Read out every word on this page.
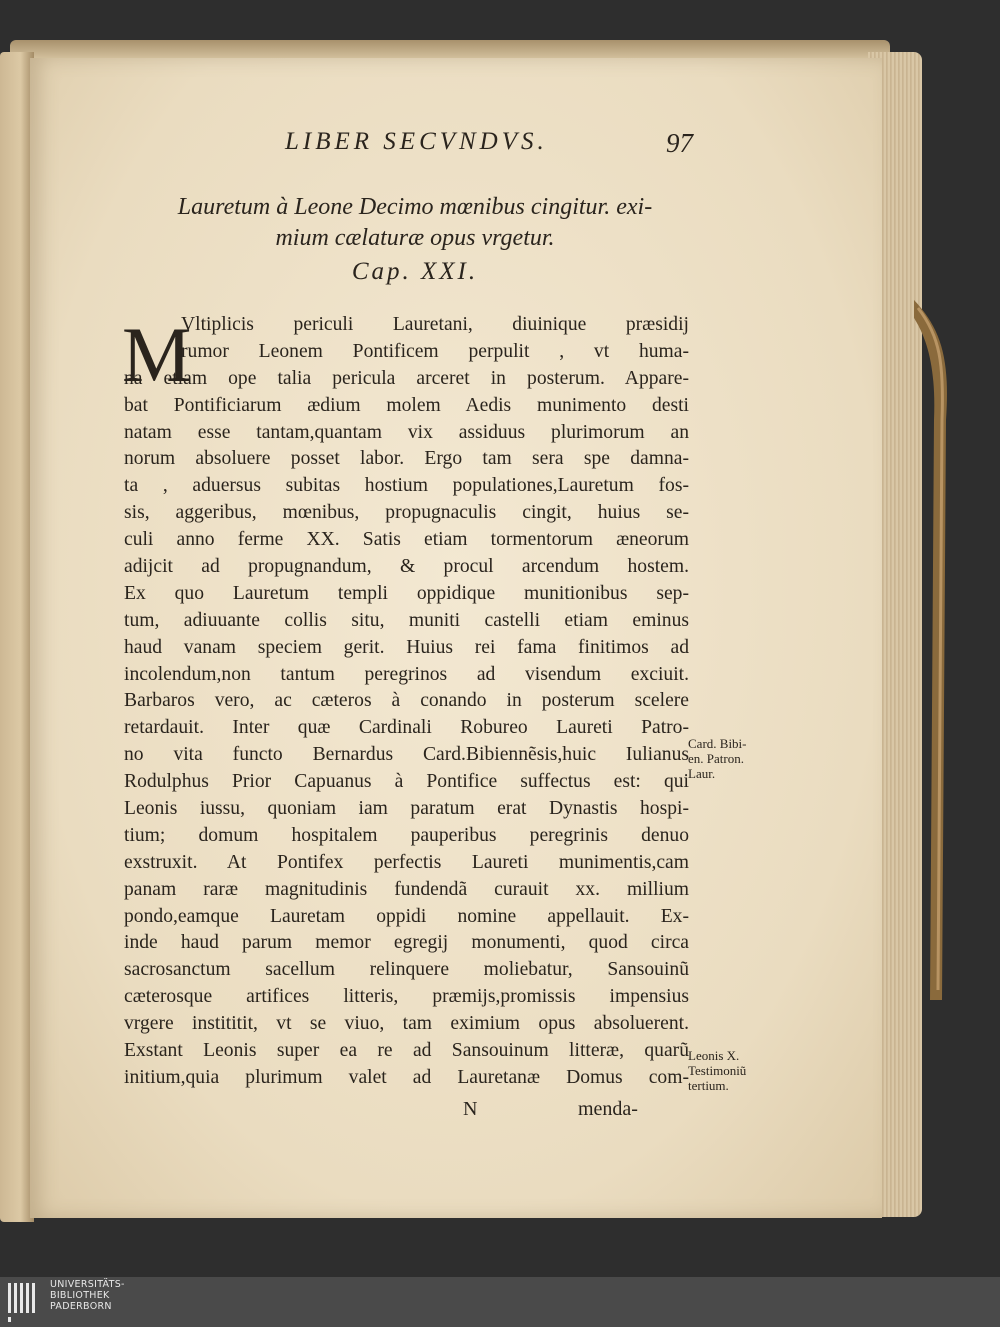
LIBER SECVNDVS.	97
Lauretum à Leone Decimo mœnibus cingitur. exi-
mium cælaturæ opus vrgetur.
Cap. XXI.
M
Vltiplicis periculi Lauretani, diuinique præsidij
rumor Leonem Pontificem perpulit , vt huma-
na etiam ope talia pericula arceret in posterum. Appare-
bat Pontificiarum ædium molem Aedis munimento desti
natam esse tantam,quantam vix assiduus plurimorum an
norum absoluere posset labor. Ergo tam sera spe damna-
ta , aduersus subitas hostium populationes,Lauretum fos-
sis, aggeribus, mœnibus, propugnaculis cingit, huius se-
culi anno ferme XX. Satis etiam tormentorum æneorum
adijcit ad propugnandum, & procul arcendum hostem.
Ex quo Lauretum templi oppidique munitionibus sep-
tum, adiuuante collis situ, muniti castelli etiam eminus
haud vanam speciem gerit. Huius rei fama finitimos ad
incolendum,non tantum peregrinos ad visendum exciuit.
Barbaros vero, ac cæteros à conando in posterum scelere
retardauit. Inter quæ Cardinali Robureo Laureti Patro-
no vita functo Bernardus Card.Bibiennẽsis,huic Iulianus
Rodulphus Prior Capuanus à Pontifice suffectus est: qui
Leonis iussu, quoniam iam paratum erat Dynastis hospi-
tium; domum hospitalem pauperibus peregrinis denuo
exstruxit. At Pontifex perfectis Laureti munimentis,cam
panam raræ magnitudinis fundendã curauit xx. millium
pondo,eamque Lauretam oppidi nomine appellauit. Ex-
inde haud parum memor egregij monumenti, quod circa
sacrosanctum sacellum relinquere moliebatur, Sansouinũ
cæterosque artifices litteris, præmijs,promissis impensius
vrgere instititit, vt se viuo, tam eximium opus absoluerent.
Exstant Leonis super ea re ad Sansouinum litteræ, quarũ
initium,quia plurimum valet ad Lauretanæ Domus com-
Card. Bibi-
en. Patron.
Laur.
Leonis X.
Testimoniũ
tertium.
N	menda-
UNIVERSITÄTS-
BIBLIOTHEK
PADERBORN
